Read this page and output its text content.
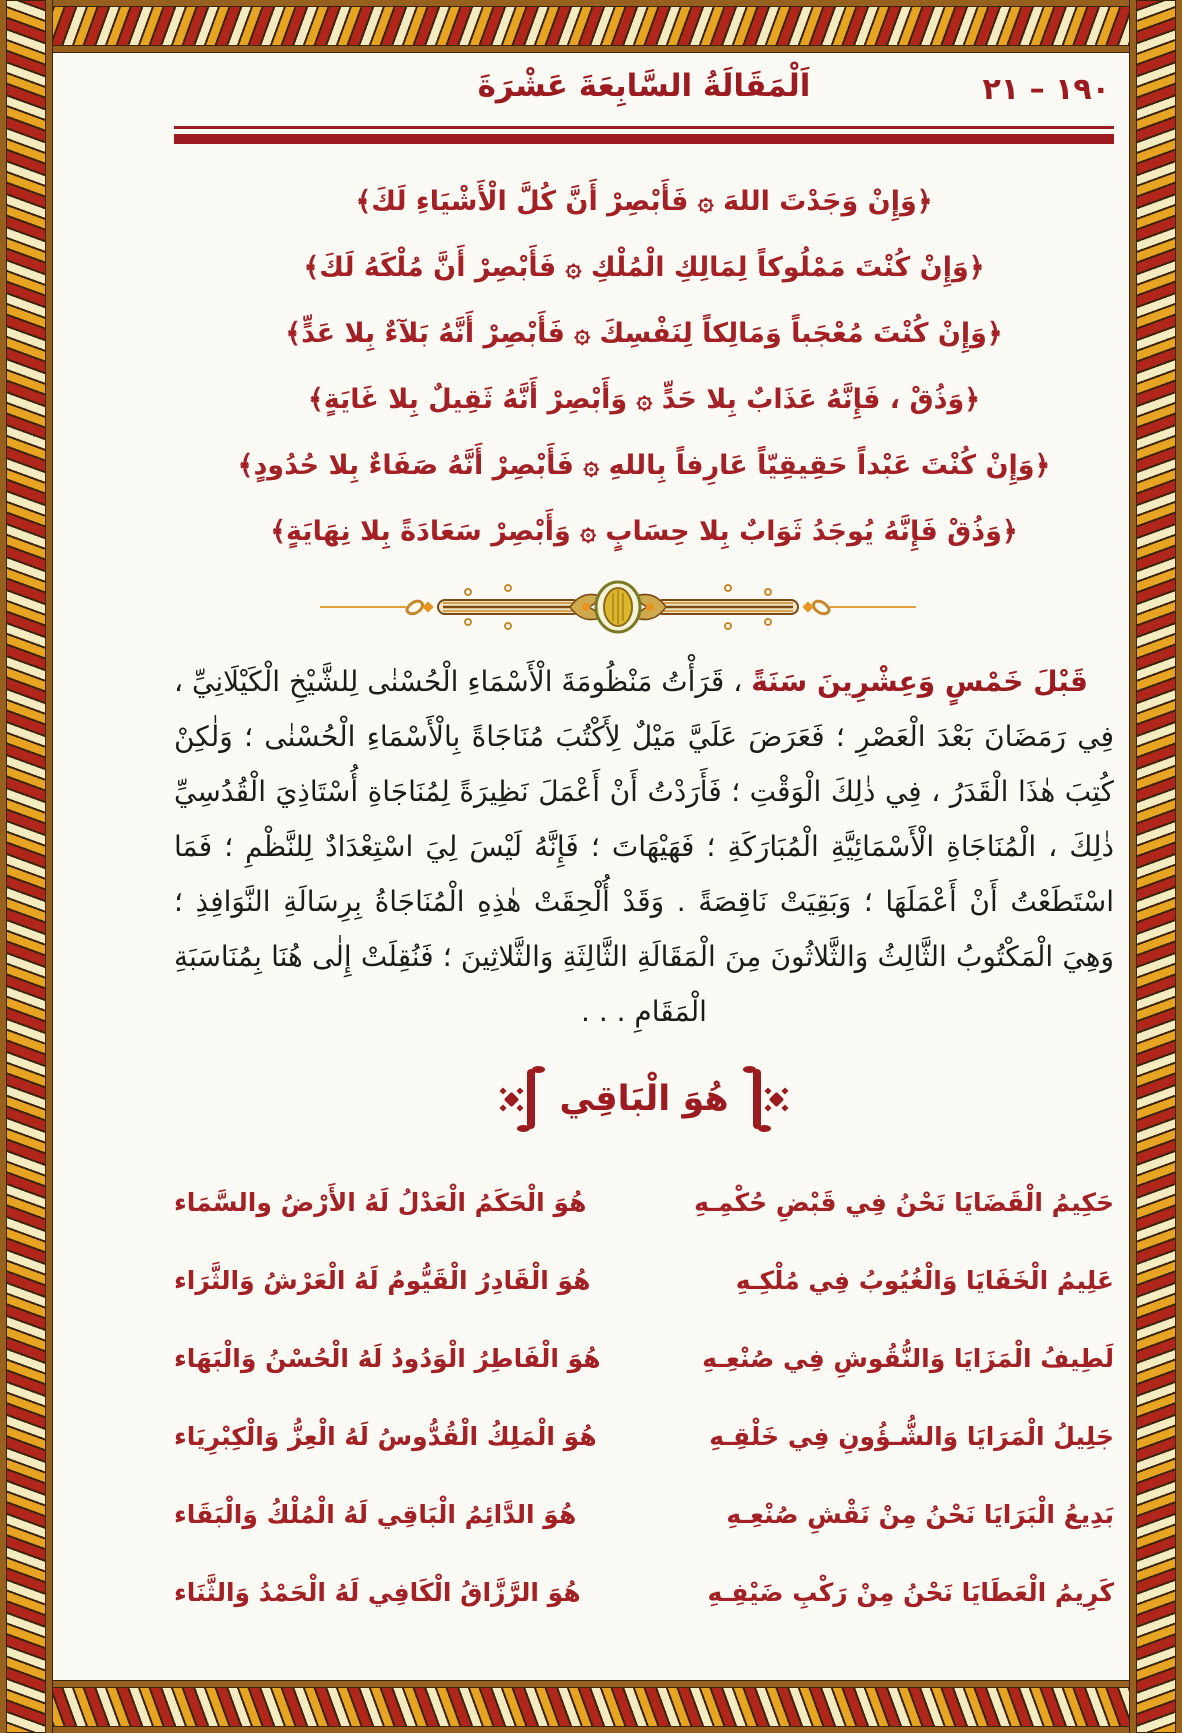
اَلْمَقَالَةُ السَّابِعَةَ عَشْرَةَ	١٩٠ – ٢١
﴿وَإِنْ وَجَدْتَ اللهَ ۞ فَأَبْصِرْ أَنَّ كُلَّ الْأَشْيَاءِ لَكَ﴾
﴿وَإِنْ كُنْتَ مَمْلُوكاً لِمَالِكِ الْمُلْكِ ۞ فَأَبْصِرْ أَنَّ مُلْكَهُ لَكَ﴾
﴿وَإِنْ كُنْتَ مُعْجَباً وَمَالِكاً لِنَفْسِكَ ۞ فَأَبْصِرْ أَنَّهُ بَلآءٌ بِلا عَدٍّ﴾
﴿وَذُقْ ، فَإِنَّهُ عَذَابٌ بِلا حَدٍّ ۞ وَأَبْصِرْ أَنَّهُ ثَقِيلٌ بِلا غَايَةٍ﴾
﴿وَإِنْ كُنْتَ عَبْداً حَقِيقِيّاً عَارِفاً بِاللهِ ۞ فَأَبْصِرْ أَنَّهُ صَفَاءٌ بِلا حُدُودٍ﴾
﴿وَذُقْ فَإِنَّهُ يُوجَدُ ثَوَابٌ بِلا حِسَابٍ ۞ وَأَبْصِرْ سَعَادَةً بِلا نِهَايَةٍ﴾

قَبْلَ خَمْسٍ وَعِشْرِينَ سَنَةً ، قَرَأْتُ مَنْظُومَةَ الْأَسْمَاءِ الْحُسْنٰى لِلشَّيْخِ الْكَيْلَانِيِّ ، فِي رَمَضَانَ بَعْدَ الْعَصْرِ ؛ فَعَرَضَ عَلَيَّ مَيْلٌ لِأَكْتُبَ مُنَاجَاةً بِالْأَسْمَاءِ الْحُسْنٰى ؛ وَلٰكِنْ كُتِبَ هٰذَا الْقَدَرُ ، فِي ذٰلِكَ الْوَقْتِ ؛ فَأَرَدْتُ أَنْ أَعْمَلَ نَظِيرَةً لِمُنَاجَاةِ أُسْتَاذِيَ الْقُدُسِيِّ ذٰلِكَ ، الْمُنَاجَاةِ الْأَسْمَائِيَّةِ الْمُبَارَكَةِ ؛ فَهَيْهَاتَ ؛ فَإِنَّهُ لَيْسَ لِيَ اسْتِعْدَادٌ لِلنَّظْمِ ؛ فَمَا اسْتَطَعْتُ أَنْ أَعْمَلَهَا ؛ وَبَقِيَتْ نَاقِصَةً . وَقَدْ أُلْحِقَتْ هٰذِهِ الْمُنَاجَاةُ بِرِسَالَةِ النَّوَافِذِ ؛ وَهِيَ الْمَكْتُوبُ الثَّالِثُ وَالثَّلاثُونَ مِنَ الْمَقَالَةِ الثَّالِثَةِ وَالثَّلاثِينَ ؛ فَنُقِلَتْ إِلٰى هُنَا بِمُنَاسَبَةِ الْمَقَامِ . . .

هُوَ الْبَاقِي
حَكِيمُ الْقَضَايَا نَحْنُ فِي قَبْضِ حُكْمِـهِ
هُوَ الْحَكَمُ الْعَدْلُ لَهُ الأَرْضُ والسَّمَاء
عَلِيمُ الْخَفَايَا وَالْغُيُوبُ فِي مُلْكِـهِ
هُوَ الْقَادِرُ الْقَيُّومُ لَهُ الْعَرْشُ وَالثَّرَاء
لَطِيفُ الْمَزَايَا وَالنُّقُوشِ فِي صُنْعِـهِ
هُوَ الْفَاطِرُ الْوَدُودُ لَهُ الْحُسْنُ وَالْبَهَاء
جَلِيلُ الْمَرَايَا وَالشُّـؤُونِ فِي خَلْقِـهِ
هُوَ الْمَلِكُ الْقُدُّوسُ لَهُ الْعِزُّ وَالْكِبْرِيَاء
بَدِيعُ الْبَرَايَا نَحْنُ مِنْ نَقْشِ صُنْعِـهِ
هُوَ الدَّائِمُ الْبَاقِي لَهُ الْمُلْكُ وَالْبَقَاء
كَرِيمُ الْعَطَايَا نَحْنُ مِنْ رَكْبِ ضَيْفِـهِ
هُوَ الرَّزَّاقُ الْكَافِي لَهُ الْحَمْدُ وَالثَّنَاء
